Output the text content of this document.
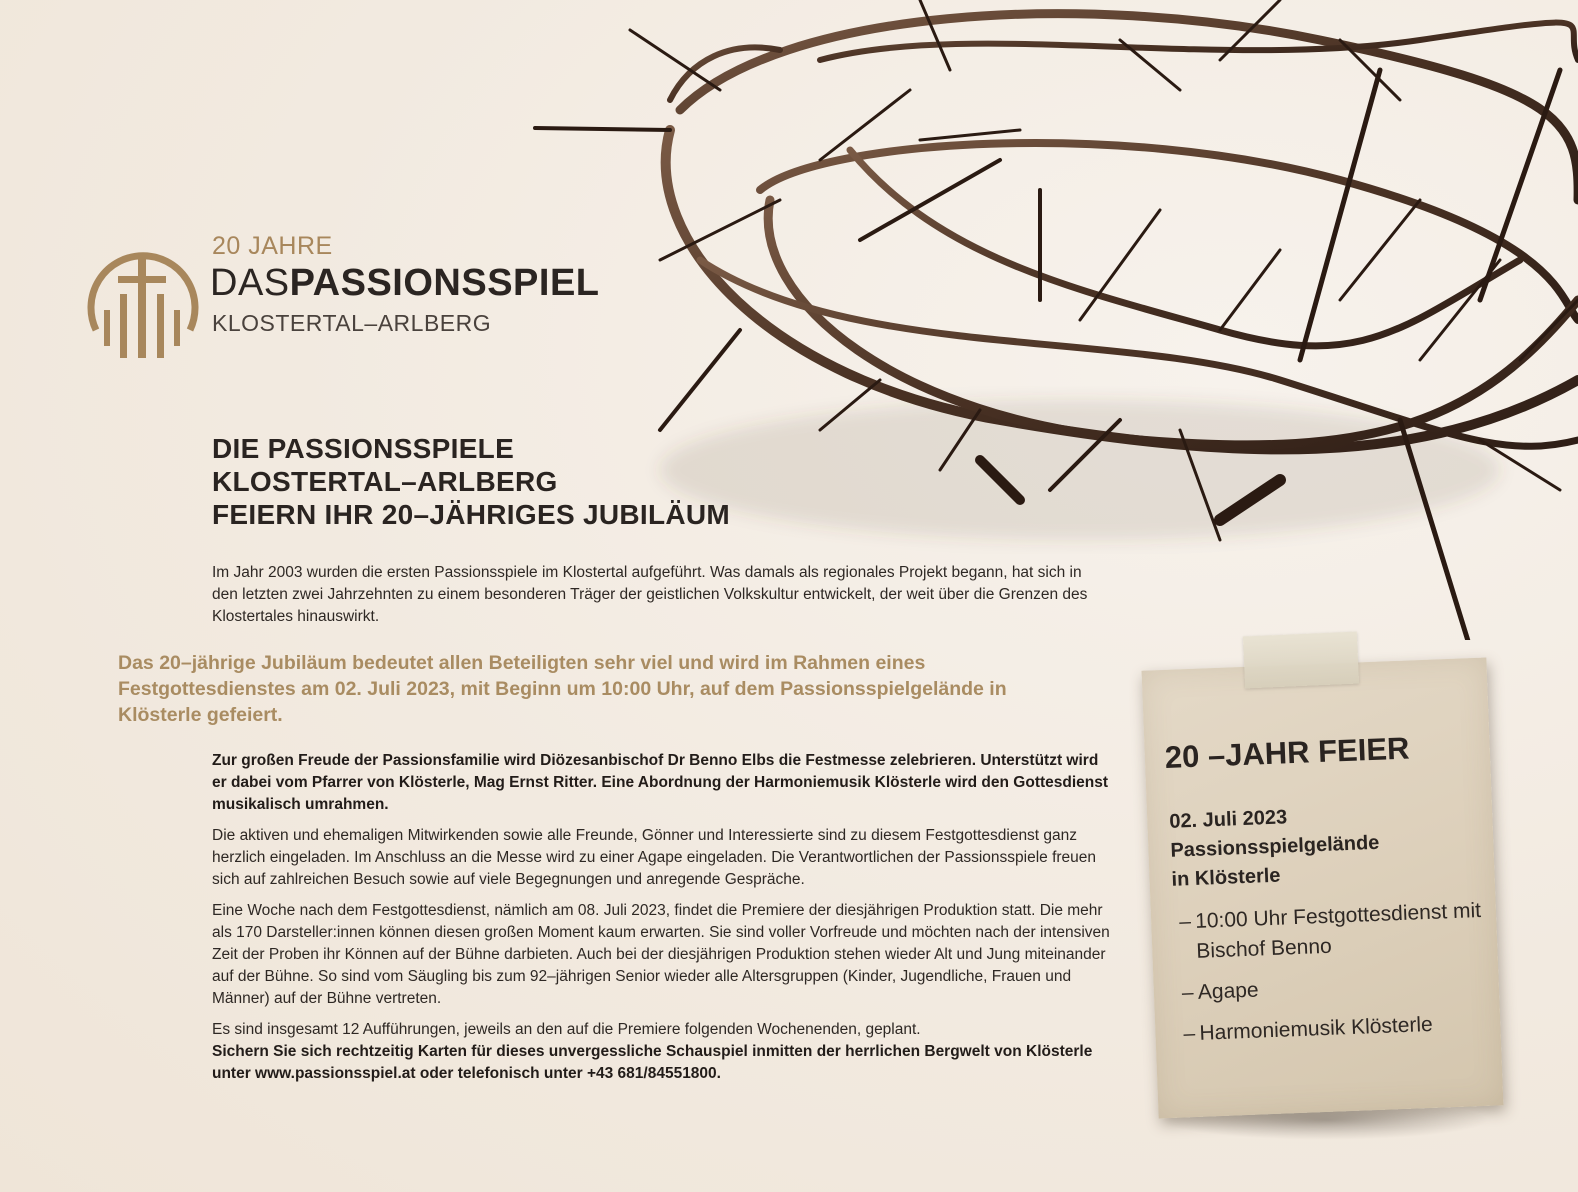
20 JAHRE
DASPASSIONSSPIEL
KLOSTERTAL–ARLBERG
DIE PASSIONSSPIELE
KLOSTERTAL–ARLBERG
FEIERN IHR 20–JÄHRIGES JUBILÄUM

Im Jahr 2003 wurden die ersten Passionsspiele im Klostertal aufgeführt. Was damals als regionales Projekt begann, hat sich in den letzten zwei Jahrzehnten zu einem besonderen Träger der geistlichen Volkskultur entwickelt, der weit über die Grenzen des Klostertales hinauswirkt.

Das 20–jährige Jubiläum bedeutet allen Beteiligten sehr viel und wird im Rahmen eines Festgottesdienstes am 02. Juli 2023, mit Beginn um 10:00 Uhr, auf dem Passionsspielgelände in Klösterle gefeiert.

Zur großen Freude der Passionsfamilie wird Diözesanbischof Dr Benno Elbs die Festmesse zelebrieren. Unterstützt wird er dabei vom Pfarrer von Klösterle, Mag Ernst Ritter. Eine Abordnung der Harmoniemusik Klösterle wird den Gottesdienst musikalisch umrahmen.

Die aktiven und ehemaligen Mitwirkenden sowie alle Freunde, Gönner und Interessierte sind zu diesem Festgottesdienst ganz herzlich eingeladen. Im Anschluss an die Messe wird zu einer Agape eingeladen. Die Verantwortlichen der Passionsspiele freuen sich auf zahlreichen Besuch sowie auf viele Begegnungen und anregende Gespräche.

Eine Woche nach dem Festgottesdienst, nämlich am 08. Juli 2023, findet die Premiere der diesjährigen Produktion statt. Die mehr als 170 Darsteller:innen können diesen großen Moment kaum erwarten. Sie sind voller Vorfreude und möchten nach der intensiven Zeit der Proben ihr Können auf der Bühne darbieten. Auch bei der diesjährigen Produktion stehen wieder Alt und Jung miteinander auf der Bühne. So sind vom Säugling bis zum 92–jährigen Senior wieder alle Altersgruppen (Kinder, Jugendliche, Frauen und Männer) auf der Bühne vertreten.

Es sind insgesamt 12 Aufführungen, jeweils an den auf die Premiere folgenden Wochenenden, geplant.
Sichern Sie sich rechtzeitig Karten für dieses unvergessliche Schauspiel inmitten der herrlichen Bergwelt von Klösterle unter www.passionsspiel.at oder telefonisch unter +43 681/84551800.

20 –JAHR FEIER
02. Juli 2023
Passionsspielgelände
in Klösterle
– 10:00 Uhr Festgottesdienst mit Bischof Benno
– Agape
– Harmoniemusik Klösterle
